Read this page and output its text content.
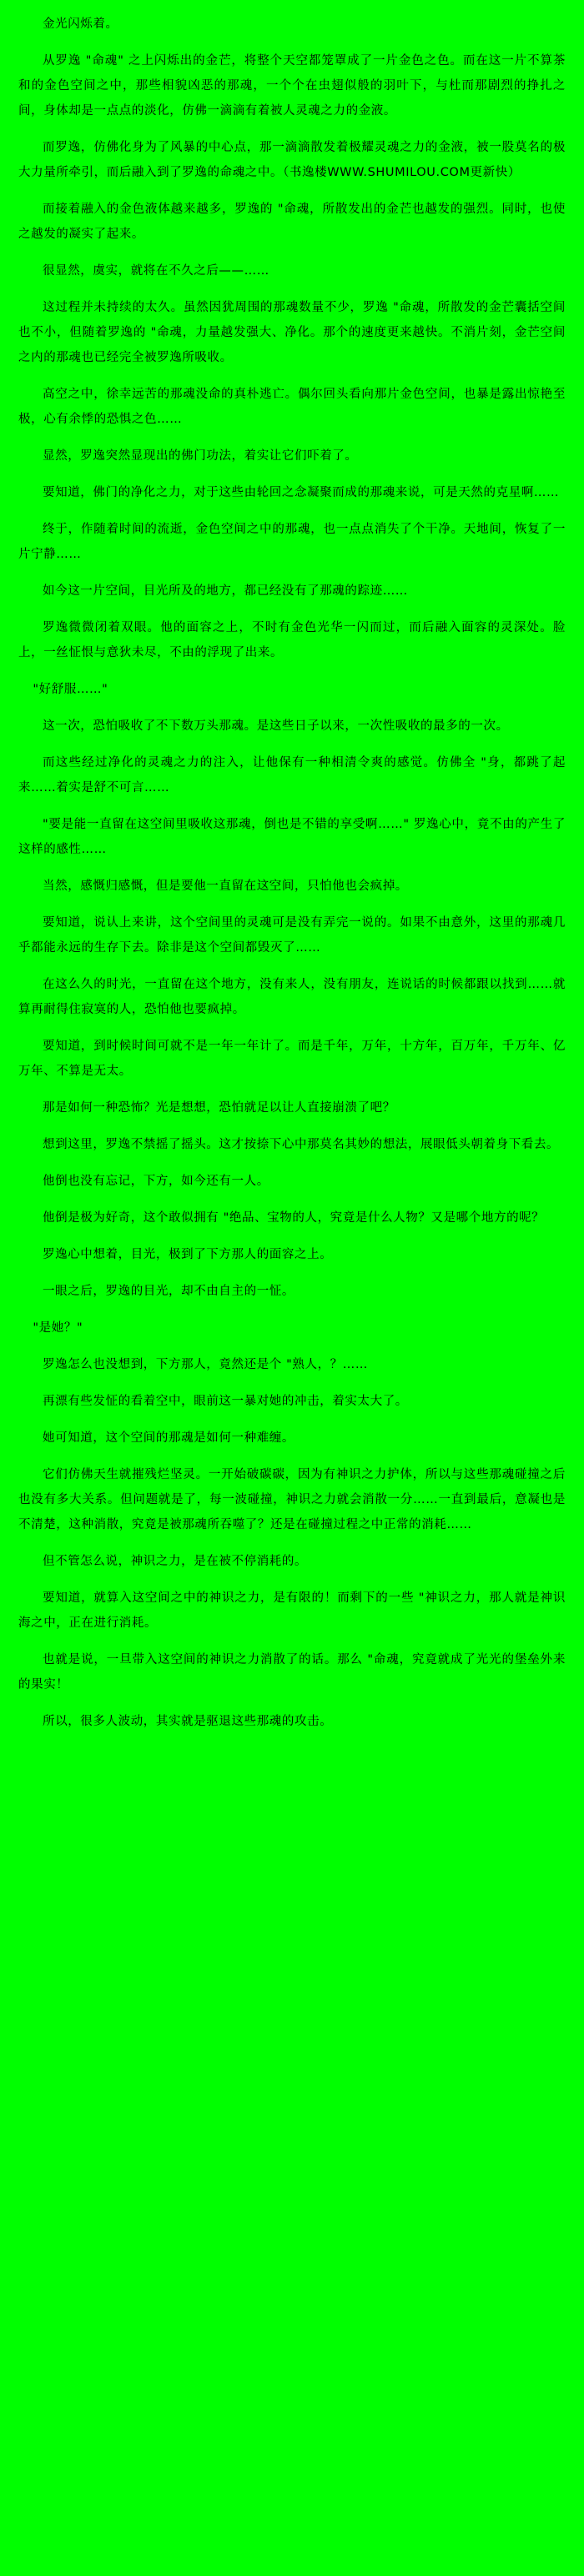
金光闪烁着。

从罗逸 "命魂" 之上闪烁出的金芒，将整个天空都笼罩成了一片金色之色。而在这一片不算茶和的金色空间之中，那些相貌凶恶的那魂，一个个在虫翅似般的羽叶下，与杜而那剧烈的挣扎之间，身体却是一点点的淡化，仿佛一滴滴有着被人灵魂之力的金液。

而罗逸，仿佛化身为了风暴的中心点，那一滴滴散发着极耀灵魂之力的金液，被一股莫名的极大力量所牵引，而后融入到了罗逸的命魂之中。（书逸楼WWW.SHUMILOU.COM更新快）

而接着融入的金色液体越来越多，罗逸的 "命魂，所散发出的金芒也越发的强烈。同时，也使之越发的凝实了起来。

很显然，虞实，就将在不久之后——……

这过程并未持续的太久。虽然因犹周围的那魂数量不少，罗逸 "命魂，所散发的金芒囊括空间也不小，但随着罗逸的 "命魂，力量越发强大、净化。那个的速度更来越快。不消片刻，金芒空间之内的那魂也已经完全被罗逸所吸收。

高空之中，徐幸远苦的那魂没命的真朴逃亡。偶尔回头看向那片金色空间，也暴是露出惊艳至极，心有余悸的恐惧之色……

显然，罗逸突然显现出的佛门功法，着实让它们吓着了。

要知道，佛门的净化之力，对于这些由轮回之念凝聚而成的那魂来说，可是天然的克星啊……

终于，作随着时间的流逝，金色空间之中的那魂，也一点点消失了个干净。天地间，恢复了一片宁静……

如今这一片空间，目光所及的地方，都已经没有了那魂的踪迹……

罗逸微微闭着双眼。他的面容之上，不时有金色光华一闪而过，而后融入面容的灵深处。脸上，一丝怔恨与意狄未尽，不由的浮现了出来。

"好舒服……"

这一次，恐怕吸收了不下数万头那魂。是这些日子以来，一次性吸收的最多的一次。

而这些经过净化的灵魂之力的注入，让他保有一种相清令爽的感觉。仿佛全 "身，都跳了起来……着实是舒不可言……

"要是能一直留在这空间里吸收这那魂，倒也是不错的享受啊……" 罗逸心中，竟不由的产生了这样的感性……

当然，感慨归感慨，但是要他一直留在这空间，只怕他也会疯掉。

要知道，说认上来讲，这个空间里的灵魂可是没有弄完一说的。如果不由意外，这里的那魂几乎都能永远的生存下去。除非是这个空间都毁灭了……

在这么久的时光，一直留在这个地方，没有来人，没有朋友，连说话的时候都跟以找到……就算再耐得住寂寞的人，恐怕他也要疯掉。

要知道，到时候时间可就不是一年一年计了。而是千年，万年，十方年，百万年，千万年、亿万年、不算是无太。

那是如何一种恐怖？光是想想，恐怕就足以让人直接崩溃了吧？

想到这里，罗逸不禁摇了摇头。这才按捺下心中那莫名其妙的想法，展眼低头朝着身下看去。

他倒也没有忘记，下方，如今还有一人。

他倒是极为好奇，这个敢似拥有 "绝品、宝物的人，究竟是什么人物？又是哪个地方的呢？

罗逸心中想着，目光，极到了下方那人的面容之上。

一眼之后，罗逸的目光，却不由自主的一怔。

"是她？"

罗逸怎么也没想到，下方那人，竟然还是个 "熟人，？……

再漂有些发怔的看着空中，眼前这一暴对她的冲击，着实太大了。

她可知道，这个空间的那魂是如何一种难缠。

它们仿佛天生就摧残烂坚灵。一开始破碳碳，因为有神识之力护体，所以与这些那魂碰撞之后也没有多大关系。但问题就是了，每一波碰撞，神识之力就会消散一分……一直到最后，意凝也是不清楚，这种消散，究竟是被那魂所吞噬了？还是在碰撞过程之中正常的消耗……

但不管怎么说，神识之力，是在被不停消耗的。

要知道，就算入这空间之中的神识之力，是有限的！而剩下的一些 "神识之力，那人就是神识海之中，正在进行消耗。

也就是说，一旦带入这空间的神识之力消散了的话。那么 "命魂，究竟就成了光光的堡垒外来的果实！

所以，很多人波动，其实就是驱退这些那魂的攻击。
